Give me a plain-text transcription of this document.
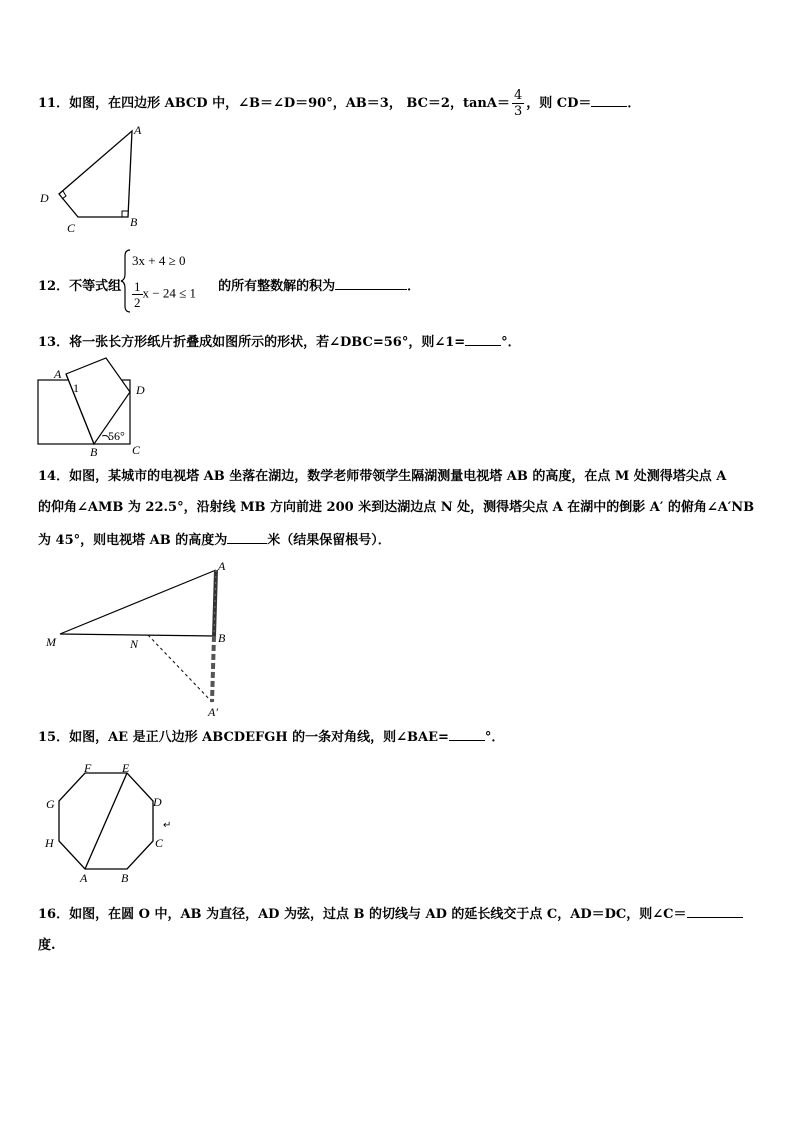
11．如图，在四边形 ABCD 中，∠B＝∠D＝90°，AB＝3， BC＝2，$\tan A= \frac{4}{3}$ ，则 CD＝	．
A
B
C
D
12．不等式组	的所有整数解的积为	．
3x + 4 ≥ 0
$\frac{1}{2}$ x − 24 ≤ 1
13．将一张长方形纸片折叠成如图所示的形状，若∠DBC=56°，则∠1=	°．
A
1	D
B	C
56°
14．如图，某城市的电视塔 AB 坐落在湖边，数学老师带领学生隔湖测量电视塔 AB 的高度，在点 M 处测得塔尖点 A
的仰角∠AMB 为 22.5°，沿射线 MB 方向前进 200 米到达湖边点 N 处，测得塔尖点 A 在湖中的倒影 A′ 的俯角∠A′NB
为 45°，则电视塔 AB 的高度为	米（结果保留根号）．
A
M	N	B
A′
15．如图，AE 是正八边形 ABCDEFGH 的一条对角线，则∠BAE=	°．
F	E
G	D
H	C
A	B
↵
16．如图，在圆 O 中，AB 为直径，AD 为弦，过点 B 的切线与 AD 的延长线交于点 C，AD＝DC，则∠C＝
度.
